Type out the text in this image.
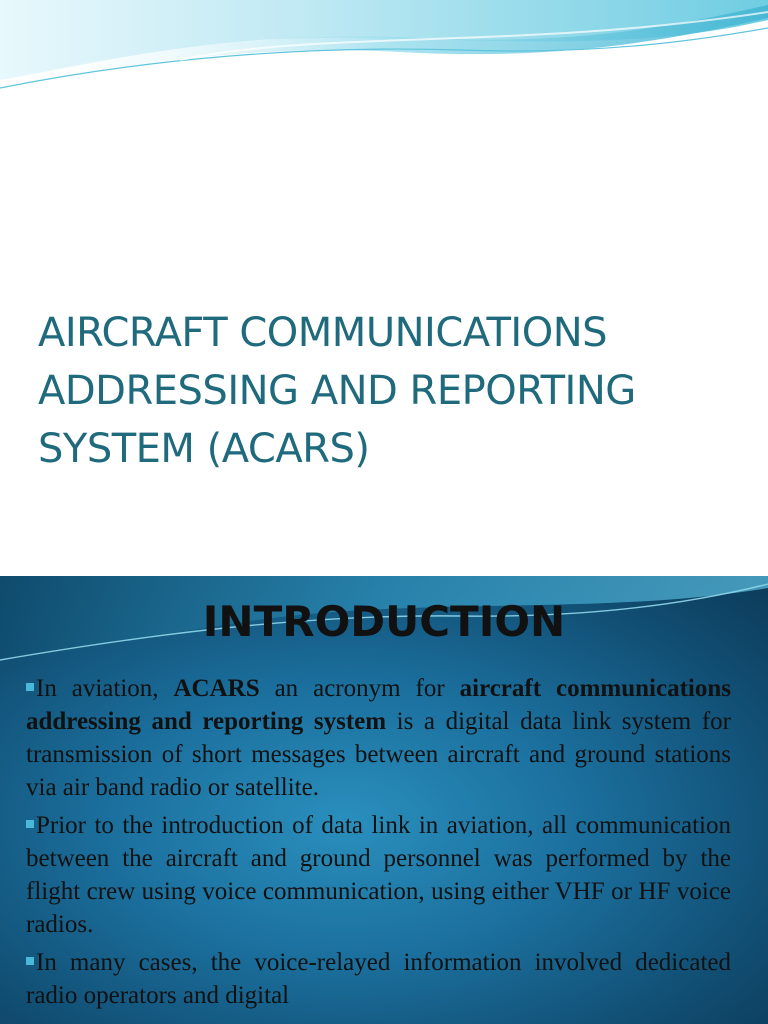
AIRCRAFT COMMUNICATIONS
ADDRESSING AND REPORTING
SYSTEM (ACARS)
INTRODUCTION

In aviation, ACARS an acronym for aircraft communications addressing and reporting system is a digital data link system for transmission of short messages between aircraft and ground stations via air band radio or satellite.

Prior to the introduction of data link in aviation, all communication between the aircraft and ground personnel was performed by the flight crew using voice communication, using either VHF or HF voice radios.

In many cases, the voice-relayed information involved dedicated radio operators and digital
